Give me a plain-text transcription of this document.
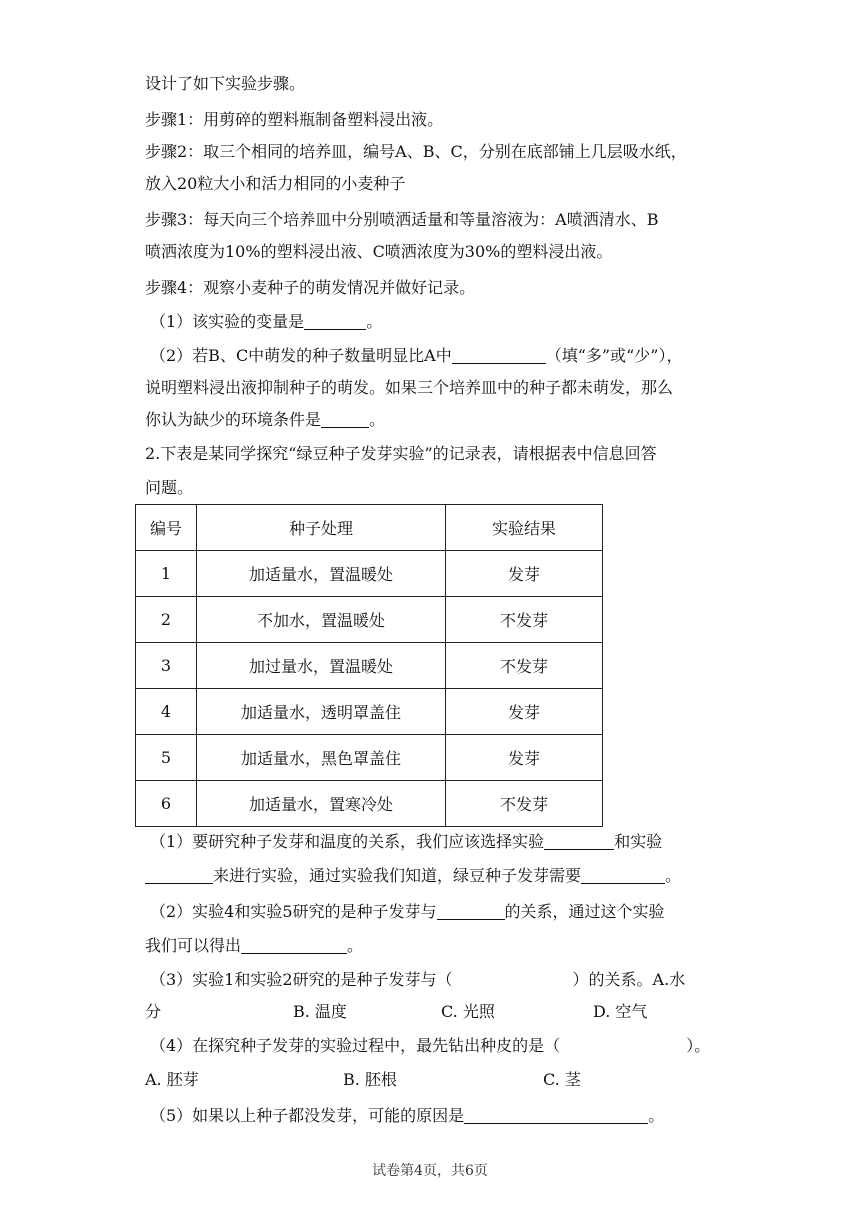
设计了如下实验步骤。
步骤1：用剪碎的塑料瓶制备塑料浸出液。
步骤2：取三个相同的培养皿，编号A、B、C，分别在底部铺上几层吸水纸，
放入20粒大小和活力相同的小麦种子
步骤3：每天向三个培养皿中分别喷洒适量和等量溶液为：A喷洒清水、B
喷洒浓度为10%的塑料浸出液、C喷洒浓度为30%的塑料浸出液。
步骤4：观察小麦种子的萌发情况并做好记录。
（1）该实验的变量是	。
（2）若B、C中萌发的种子数量明显比A中	（填“多”或“少”），
说明塑料浸出液抑制种子的萌发。如果三个培养皿中的种子都未萌发，那么
你认为缺少的环境条件是	。
2.下表是某同学探究“绿豆种子发芽实验”的记录表，请根据表中信息回答
问题。
编号	种子处理	实验结果
1	加适量水，置温暖处	发芽
2	不加水，置温暖处	不发芽
3	加过量水，置温暖处	不发芽
4	加适量水，透明罩盖住	发芽
5	加适量水，黑色罩盖住	发芽
6	加适量水，置寒冷处	不发芽
（1）要研究种子发芽和温度的关系，我们应该选择实验	和实验
来进行实验，通过实验我们知道，绿豆种子发芽需要	。
（2）实验4和实验5研究的是种子发芽与	的关系，通过这个实验
我们可以得出	。
（3）实验1和实验2研究的是种子发芽与（	）的关系。A.水
分	B. 温度	C. 光照	D. 空气
（4）在探究种子发芽的实验过程中，最先钻出种皮的是（	）。
A. 胚芽	B. 胚根	C. 茎
（5）如果以上种子都没发芽，可能的原因是	。
试卷第4页，共6页
